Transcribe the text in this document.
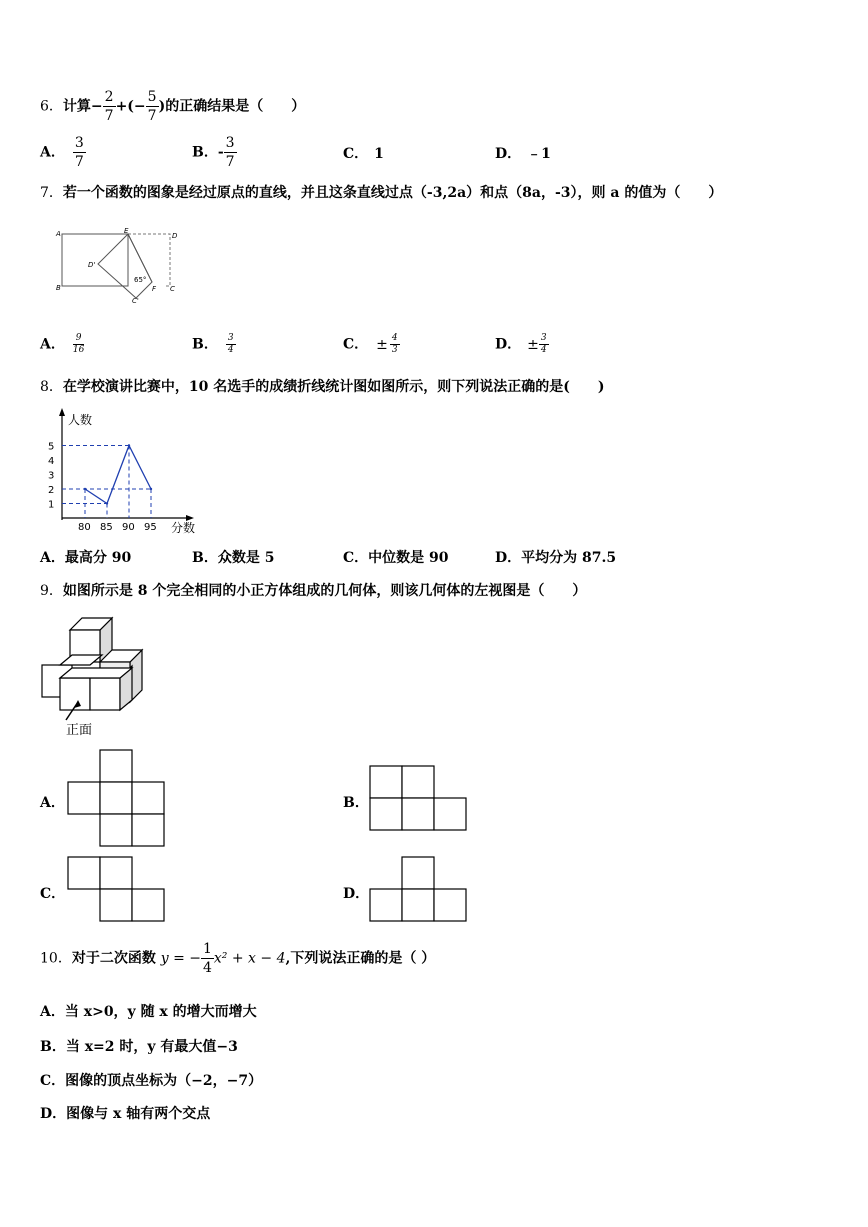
6．计算− $\frac{2}{7}$ +(− $\frac{5}{7}$ )的正确结果是（　　）
A． $\frac{3}{7}$	B．- $\frac{3}{7}$	C． 1	D． ﹣1
7．若一个函数的图象是经过原点的直线，并且这条直线过点（-3,2a）和点（8a，-3），则 a 的值为（　　）
A	E
D
D'
65°
B
C'
F C
A． $\frac{9}{16}$	B． $\frac{3}{4}$	C． ± $\frac{4}{3}$	D． ± $\frac{3}{4}$
8．在学校演讲比赛中，10 名选手的成绩折线统计图如图所示，则下列说法正确的是(　　)
80 85 90 95
1
2
3
4
5
人数
分数
A．最高分 90	B．众数是 5	C．中位数是 90	D．平均分为 87.5
9．如图所示是 8 个完全相同的小正方体组成的几何体，则该几何体的左视图是（　　）
正面
A．	B．
C．	D．
10．对于二次函数 y = − $\frac{1}{4} x^2 + x - 4$,下列说法正确的是（ ）
A．当 x>0，y 随 x 的增大而增大
B．当 x=2 时，y 有最大值−3
C．图像的顶点坐标为（−2，−7）
D．图像与 x 轴有两个交点
